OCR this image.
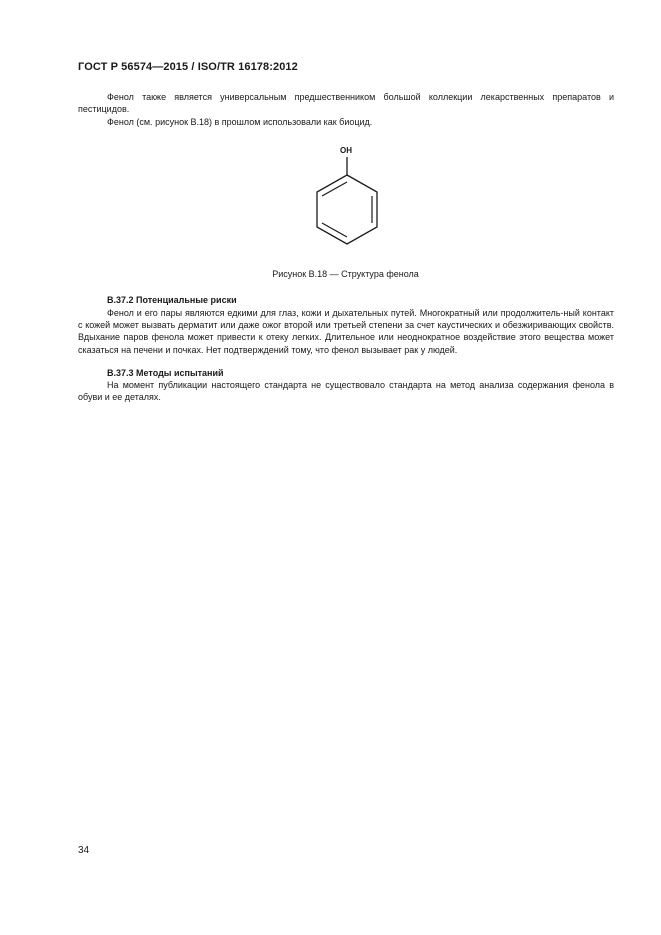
ГОСТ Р 56574—2015 / ISO/TR 16178:2012
Фенол также является универсальным предшественником большой коллекции лекарственных препаратов и пестицидов.
Фенол (см. рисунок В.18) в прошлом использовали как биоцид.
OH
Рисунок В.18 — Структура фенола
В.37.2 Потенциальные риски
Фенол и его пары являются едкими для глаз, кожи и дыхательных путей. Многократный или продолжитель-ный контакт с кожей может вызвать дерматит или даже ожог второй или третьей степени за счет каустических и обезжиривающих свойств. Вдыхание паров фенола может привести к отеку легких. Длительное или неоднократное воздействие этого вещества может сказаться на печени и почках. Нет подтверждений тому, что фенол вызывает рак у людей.
В.37.3 Методы испытаний
На момент публикации настоящего стандарта не существовало стандарта на метод анализа содержания фенола в обуви и ее деталях.
34
